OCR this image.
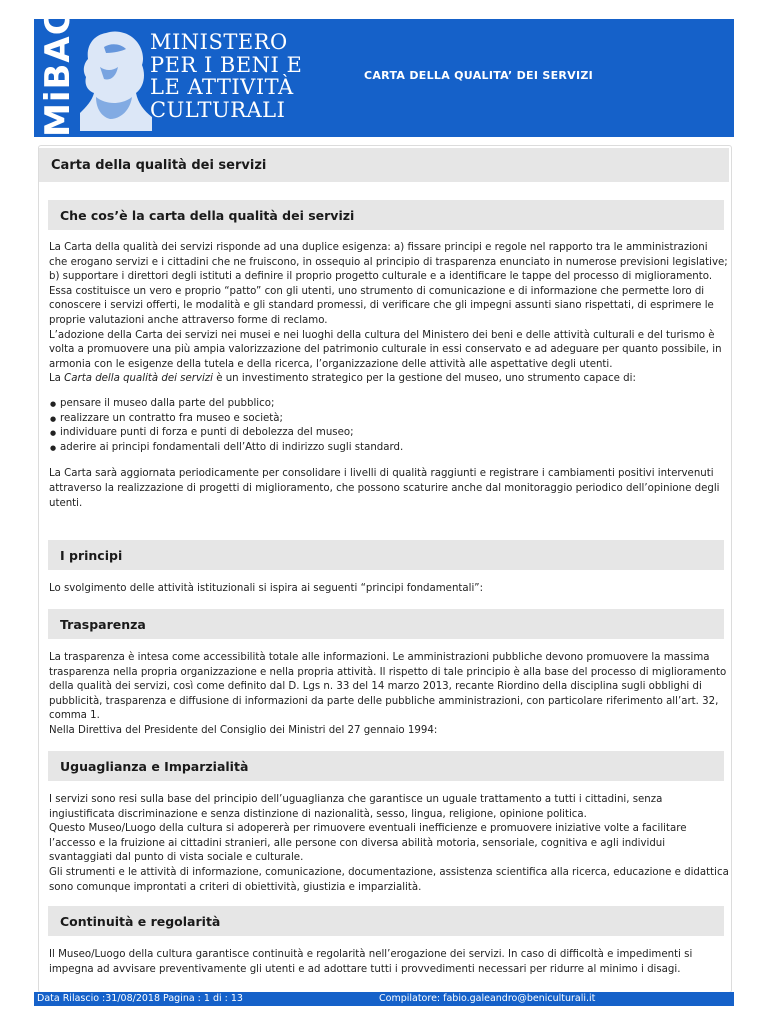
MiBAC	MINISTERO
PER I BENI E
LE ATTIVITÀ
CULTURALI
CARTA DELLA QUALITA’ DEI SERVIZI
Carta della qualità dei servizi
Che cos’è la carta della qualità dei servizi

La Carta della qualità dei servizi risponde ad una duplice esigenza: a) fissare principi e regole nel rapporto tra le amministrazioni che erogano servizi e i cittadini che ne fruiscono, in ossequio al principio di trasparenza enunciato in numerose previsioni legislative; b) supportare i direttori degli istituti a definire il proprio progetto culturale e a identificare le tappe del processo di miglioramento.

Essa costituisce un vero e proprio “patto” con gli utenti, uno strumento di comunicazione e di informazione che permette loro di conoscere i servizi offerti, le modalità e gli standard promessi, di verificare che gli impegni assunti siano rispettati, di esprimere le proprie valutazioni anche attraverso forme di reclamo.

L’adozione della Carta dei servizi nei musei e nei luoghi della cultura del Ministero dei beni e delle attività culturali e del turismo è volta a promuovere una più ampia valorizzazione del patrimonio culturale in essi conservato e ad adeguare per quanto possibile, in armonia con le esigenze della tutela e della ricerca, l’organizzazione delle attività alle aspettative degli utenti.

La Carta della qualità dei servizi è un investimento strategico per la gestione del museo, uno strumento capace di:

● pensare il museo dalla parte del pubblico;
● realizzare un contratto fra museo e società;
● individuare punti di forza e punti di debolezza del museo;
● aderire ai principi fondamentali dell’Atto di indirizzo sugli standard.

La Carta sarà aggiornata periodicamente per consolidare i livelli di qualità raggiunti e registrare i cambiamenti positivi intervenuti attraverso la realizzazione di progetti di miglioramento, che possono scaturire anche dal monitoraggio periodico dell’opinione degli utenti.

I principi

Lo svolgimento delle attività istituzionali si ispira ai seguenti “principi fondamentali”:

Trasparenza

La trasparenza è intesa come accessibilità totale alle informazioni. Le amministrazioni pubbliche devono promuovere la massima trasparenza nella propria organizzazione e nella propria attività. Il rispetto di tale principio è alla base del processo di miglioramento della qualità dei servizi, così come definito dal D. Lgs n. 33 del 14 marzo 2013, recante Riordino della disciplina sugli obblighi di pubblicità, trasparenza e diffusione di informazioni da parte delle pubbliche amministrazioni, con particolare riferimento all’art. 32, comma 1.

Nella Direttiva del Presidente del Consiglio dei Ministri del 27 gennaio 1994:

Uguaglianza e Imparzialità

I servizi sono resi sulla base del principio dell’uguaglianza che garantisce un uguale trattamento a tutti i cittadini, senza ingiustificata discriminazione e senza distinzione di nazionalità, sesso, lingua, religione, opinione politica.

Questo Museo/Luogo della cultura si adopererà per rimuovere eventuali inefficienze e promuovere iniziative volte a facilitare l’accesso e la fruizione ai cittadini stranieri, alle persone con diversa abilità motoria, sensoriale, cognitiva e agli individui svantaggiati dal punto di vista sociale e culturale.

Gli strumenti e le attività di informazione, comunicazione, documentazione, assistenza scientifica alla ricerca, educazione e didattica sono comunque improntati a criteri di obiettività, giustizia e imparzialità.

Continuità e regolarità

Il Museo/Luogo della cultura garantisce continuità e regolarità nell’erogazione dei servizi. In caso di difficoltà e impedimenti si impegna ad avvisare preventivamente gli utenti e ad adottare tutti i provvedimenti necessari per ridurre al minimo i disagi.

Data Rilascio :31/08/2018 Pagina : 1 di : 13	Compilatore: fabio.galeandro@beniculturali.it
